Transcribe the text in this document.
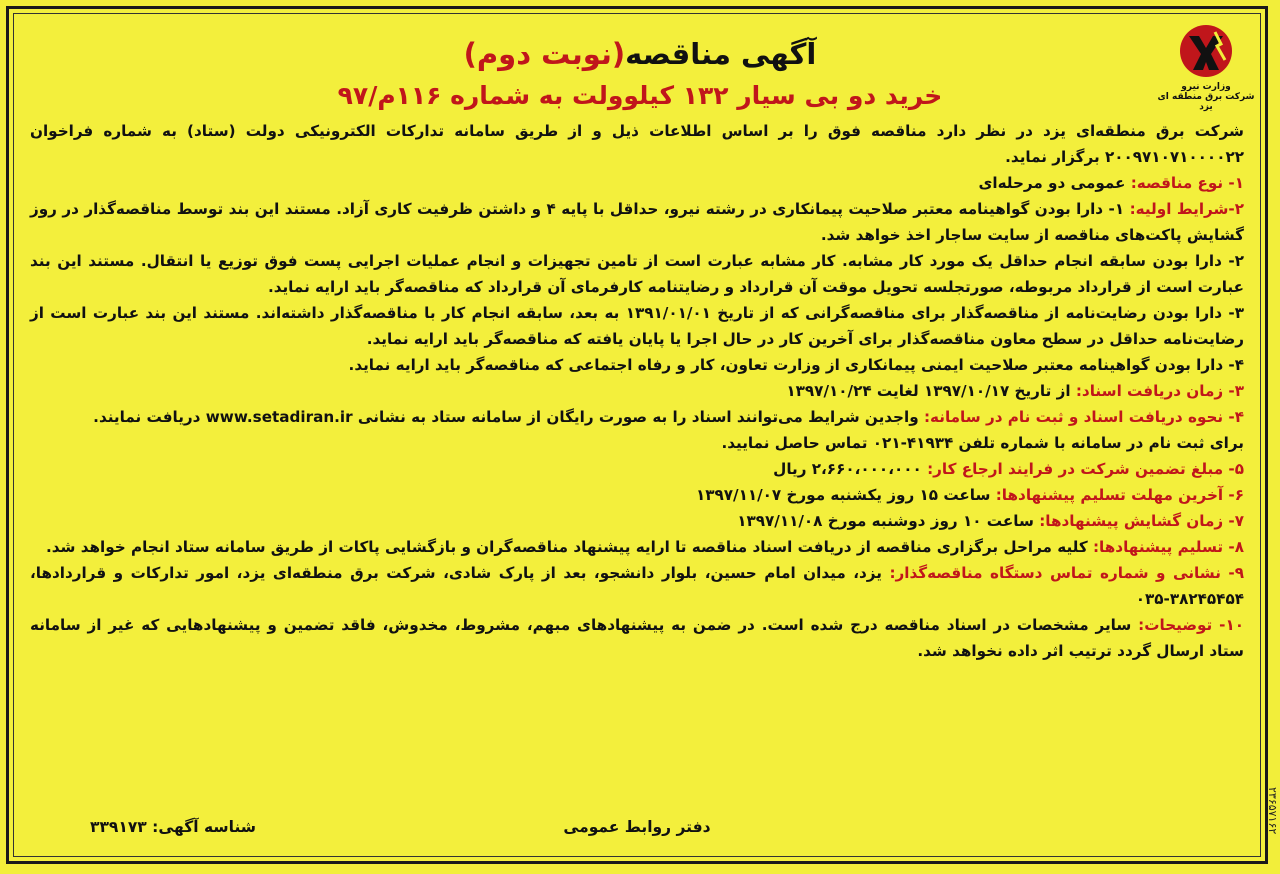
۲۳۶۵۷۱۶۲
وزارت نیرو
شرکت برق منطقه ای یزد
آگهی مناقصه(نوبت دوم)
خرید دو بی سیار ۱۳۲ کیلوولت به شماره ۱۱۶م/۹۷

شرکت برق منطقه‌ای یزد در نظر دارد مناقصه فوق را بر اساس اطلاعات ذیل و از طریق سامانه تدارکات الکترونیکی دولت (ستاد) به شماره فراخوان ۲۰۰۹۷۱۰۷۱۰۰۰۰۲۲ برگزار نماید.

۱- نوع مناقصه: عمومی دو مرحله‌ای

۲-شرایط اولیه: ۱- دارا بودن گواهینامه معتبر صلاحیت پیمانکاری در رشته نیرو، حداقل با پایه ۴ و داشتن ظرفیت کاری آزاد. مستند این بند توسط مناقصه‌گذار در روز گشایش پاکت‌های مناقصه از سایت ساجار اخذ خواهد شد.

۲- دارا بودن سابقه انجام حداقل یک مورد کار مشابه. کار مشابه عبارت است از تامین تجهیزات و انجام عملیات اجرایی پست فوق توزیع یا انتقال. مستند این بند عبارت است از قرارداد مربوطه، صورتجلسه تحویل موقت آن قرارداد و رضایتنامه کارفرمای آن قرارداد که مناقصه‌گر باید ارایه نماید.

۳- دارا بودن رضایت‌نامه از مناقصه‌گذار برای مناقصه‌گرانی که از تاریخ ۱۳۹۱/۰۱/۰۱ به بعد، سابقه انجام کار با مناقصه‌گذار داشته‌اند. مستند این بند عبارت است از رضایت‌نامه حداقل در سطح معاون مناقصه‌گذار برای آخرین کار در حال اجرا یا پایان یافته که مناقصه‌گر باید ارایه نماید.

۴- دارا بودن گواهینامه معتبر صلاحیت ایمنی پیمانکاری از وزارت تعاون، کار و رفاه اجتماعی که مناقصه‌گر باید ارایه نماید.

۳- زمان دریافت اسناد: از تاریخ ۱۳۹۷/۱۰/۱۷ لغایت ۱۳۹۷/۱۰/۲۴

۴- نحوه دریافت اسناد و ثبت نام در سامانه: واجدین شرایط می‌توانند اسناد را به صورت رایگان از سامانه ستاد به نشانی www.setadiran.ir دریافت نمایند.

برای ثبت نام در سامانه با شماره تلفن ۴۱۹۳۴-۰۲۱ تماس حاصل نمایید.

۵- مبلغ تضمین شرکت در فرایند ارجاع کار: ۲،۶۶۰،۰۰۰،۰۰۰ ریال

۶- آخرین مهلت تسلیم پیشنهادها: ساعت ۱۵ روز یکشنبه مورخ ۱۳۹۷/۱۱/۰۷

۷- زمان گشایش پیشنهادها: ساعت ۱۰ روز دوشنبه مورخ ۱۳۹۷/۱۱/۰۸

۸- تسلیم پیشنهادها: کلیه مراحل برگزاری مناقصه از دریافت اسناد مناقصه تا ارایه پیشنهاد مناقصه‌گران و بازگشایی پاکات از طریق سامانه ستاد انجام خواهد شد.

۹- نشانی و شماره تماس دستگاه مناقصه‌گذار: یزد، میدان امام حسین، بلوار دانشجو، بعد از پارک شادی، شرکت برق منطقه‌ای یزد، امور تدارکات و قراردادها، ۳۸۲۴۵۴۵۴-۰۳۵

۱۰- توضیحات: سایر مشخصات در اسناد مناقصه درج شده است. در ضمن به پیشنهادهای مبهم، مشروط، مخدوش، فاقد تضمین و پیشنهادهایی که غیر از سامانه ستاد ارسال گردد ترتیب اثر داده نخواهد شد.

دفتر روابط عمومی
شناسه آگهی: ۳۳۹۱۷۳
